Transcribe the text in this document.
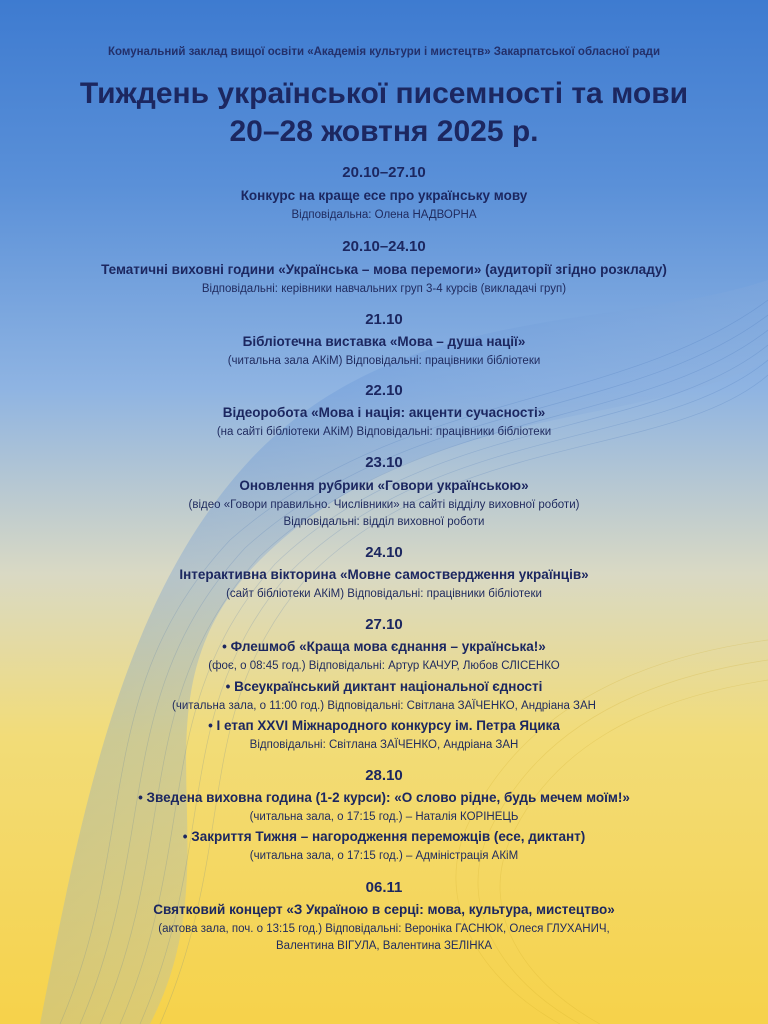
Комунальний заклад вищої освіти «Академія культури і мистецтв» Закарпатської обласної ради
Тиждень української писемності та мови
20–28 жовтня 2025 р.
20.10–27.10
Конкурс на краще есе про українську мову
Відповідальна: Олена НАДВОРНА
20.10–24.10
Тематичні виховні години «Українська – мова перемоги» (аудиторії згідно розкладу)
Відповідальні: керівники навчальних груп 3-4 курсів (викладачі груп)
21.10
Бібліотечна виставка «Мова – душа нації»
(читальна зала АКіМ) Відповідальні: працівники бібліотеки
22.10
Відеоробота «Мова і нація: акценти сучасності»
(на сайті бібліотеки АКіМ) Відповідальні: працівники бібліотеки
23.10
Оновлення рубрики «Говори українською»
(відео «Говори правильно. Числівники» на сайті відділу виховної роботи)
Відповідальні: відділ виховної роботи
24.10
Інтерактивна вікторина «Мовне самоствердження українців»
(сайт бібліотеки АКіМ) Відповідальні: працівники бібліотеки
27.10
• Флешмоб «Краща мова єднання – українська!»
(фоє, о 08:45 год.) Відповідальні: Артур КАЧУР, Любов СЛІСЕНКО
• Всеукраїнський диктант національної єдності
(читальна зала, о 11:00 год.) Відповідальні: Світлана ЗАЇЧЕНКО, Андріана ЗАН
• І етап XXVI Міжнародного конкурсу ім. Петра Яцика
Відповідальні: Світлана ЗАЇЧЕНКО, Андріана ЗАН
28.10
• Зведена виховна година (1-2 курси): «О слово рідне, будь мечем моїм!»
(читальна зала, о 17:15 год.) – Наталія КОРІНЕЦЬ
• Закриття Тижня – нагородження переможців (есе, диктант)
(читальна зала, о 17:15 год.) – Адміністрація АКіМ
06.11
Святковий концерт «З Україною в серці: мова, культура, мистецтво»
(актова зала, поч. о 13:15 год.) Відповідальні: Вероніка ГАСНЮК, Олеся ГЛУХАНИЧ,
Валентина ВІГУЛА, Валентина ЗЕЛІНКА
